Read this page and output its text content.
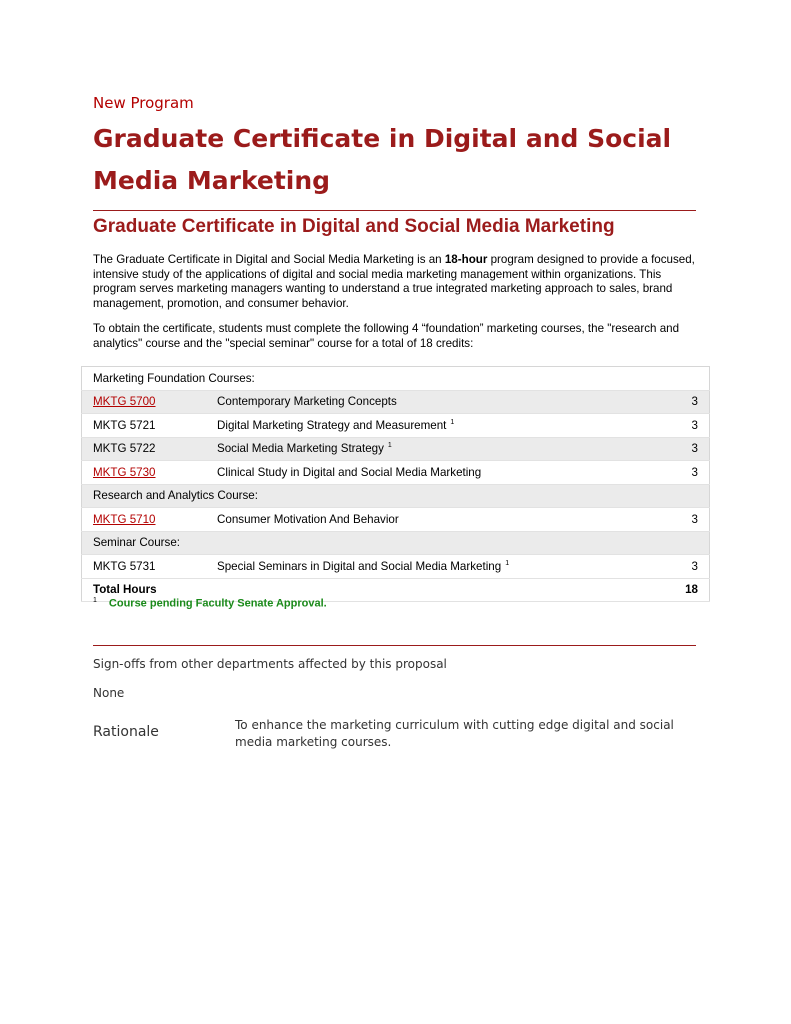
New Program
Graduate Certificate in Digital and Social Media Marketing
Graduate Certificate in Digital and Social Media Marketing

The Graduate Certificate in Digital and Social Media Marketing is an 18-hour program designed to provide a focused, intensive study of the applications of digital and social media marketing management within organizations. This program serves marketing managers wanting to understand a true integrated marketing approach to sales, brand management, promotion, and consumer behavior.

To obtain the certificate, students must complete the following 4 “foundation” marketing courses, the "research and analytics" course and the "special seminar" course for a total of 18 credits:

Marketing Foundation Courses:		
MKTG 5700	Contemporary Marketing Concepts	3
MKTG 5721	Digital Marketing Strategy and Measurement $^1$	3
MKTG 5722	Social Media Marketing Strategy $^1$	3
MKTG 5730	Clinical Study in Digital and Social Media Marketing	3
Research and Analytics Course:		
MKTG 5710	Consumer Motivation And Behavior	3
Seminar Course:		
MKTG 5731	Special Seminars in Digital and Social Media Marketing $^1$	3
Total Hours		18
$^1$ Course pending Faculty Senate Approval.
Sign-offs from other departments affected by this proposal
None
Rationale	To enhance the marketing curriculum with cutting edge digital and social media marketing courses.
